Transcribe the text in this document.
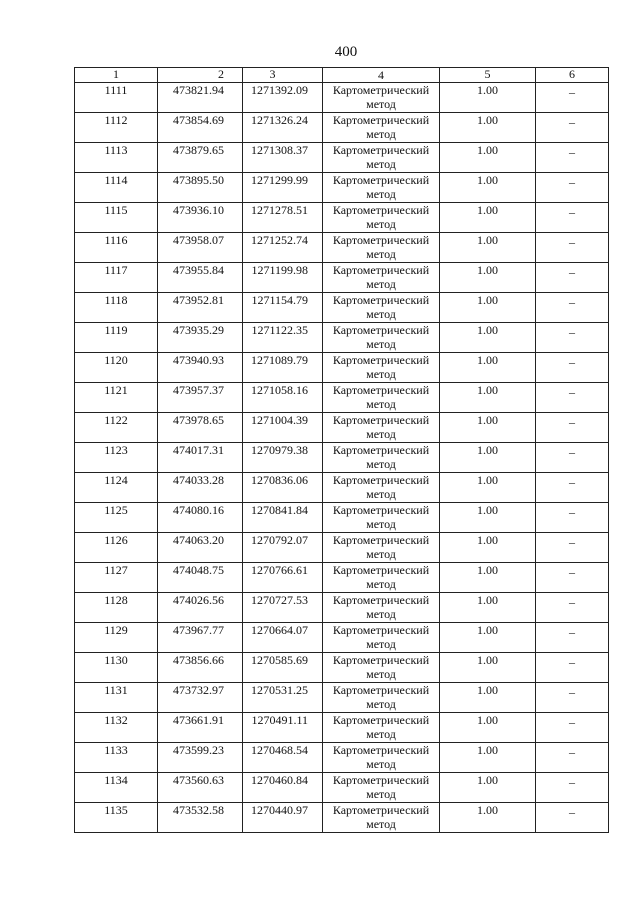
400
1	2	3	4	5	6
1111	473821.94	1271392.09	Картометрический метод	1.00	–
1112	473854.69	1271326.24	Картометрический метод	1.00	–
1113	473879.65	1271308.37	Картометрический метод	1.00	–
1114	473895.50	1271299.99	Картометрический метод	1.00	–
1115	473936.10	1271278.51	Картометрический метод	1.00	–
1116	473958.07	1271252.74	Картометрический метод	1.00	–
1117	473955.84	1271199.98	Картометрический метод	1.00	–
1118	473952.81	1271154.79	Картометрический метод	1.00	–
1119	473935.29	1271122.35	Картометрический метод	1.00	–
1120	473940.93	1271089.79	Картометрический метод	1.00	–
1121	473957.37	1271058.16	Картометрический метод	1.00	–
1122	473978.65	1271004.39	Картометрический метод	1.00	–
1123	474017.31	1270979.38	Картометрический метод	1.00	–
1124	474033.28	1270836.06	Картометрический метод	1.00	–
1125	474080.16	1270841.84	Картометрический метод	1.00	–
1126	474063.20	1270792.07	Картометрический метод	1.00	–
1127	474048.75	1270766.61	Картометрический метод	1.00	–
1128	474026.56	1270727.53	Картометрический метод	1.00	–
1129	473967.77	1270664.07	Картометрический метод	1.00	–
1130	473856.66	1270585.69	Картометрический метод	1.00	–
1131	473732.97	1270531.25	Картометрический метод	1.00	–
1132	473661.91	1270491.11	Картометрический метод	1.00	–
1133	473599.23	1270468.54	Картометрический метод	1.00	–
1134	473560.63	1270460.84	Картометрический метод	1.00	–
1135	473532.58	1270440.97	Картометрический метод	1.00	–
